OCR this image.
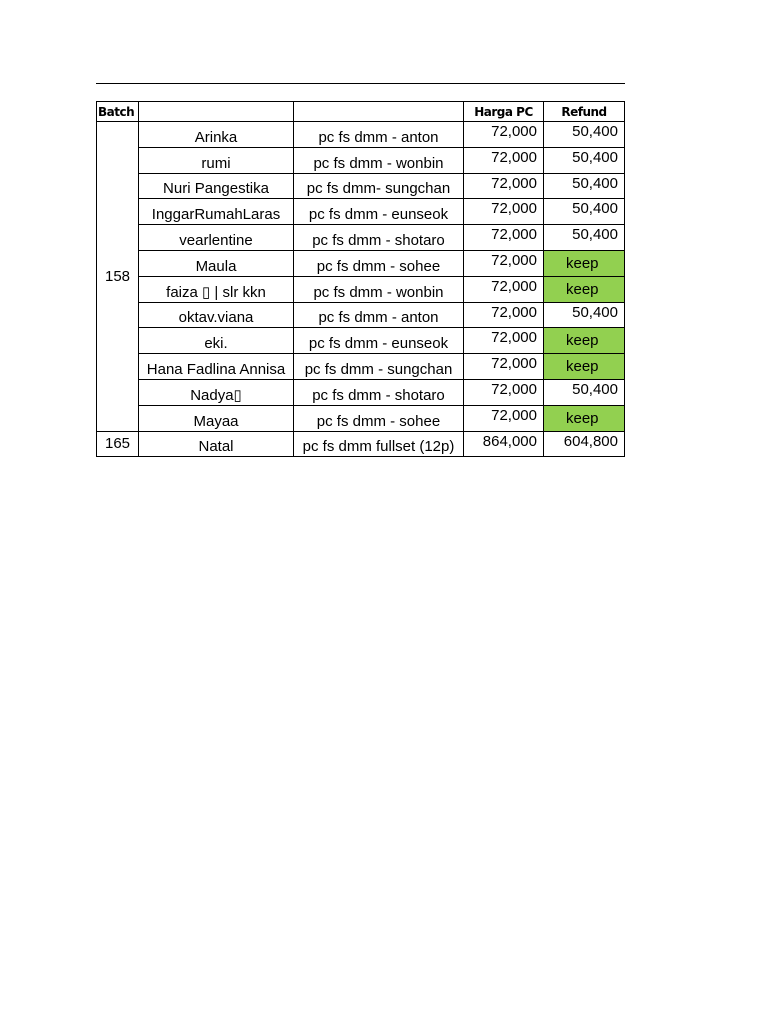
Batch			Harga PC	Refund
158	Arinka	pc fs dmm - anton	72,000	50,400
	rumi	pc fs dmm - wonbin	72,000	50,400
	Nuri Pangestika	pc fs dmm- sungchan	72,000	50,400
	InggarRumahLaras	pc fs dmm - eunseok	72,000	50,400
	vearlentine	pc fs dmm - shotaro	72,000	50,400
	Maula	pc fs dmm - sohee	72,000	keep
	faiza ▯ | slr kkn	pc fs dmm - wonbin	72,000	keep
	oktav.viana	pc fs dmm - anton	72,000	50,400
	eki.	pc fs dmm - eunseok	72,000	keep
	Hana Fadlina Annisa	pc fs dmm - sungchan	72,000	keep
	Nadya▯	pc fs dmm - shotaro	72,000	50,400
	Mayaa	pc fs dmm - sohee	72,000	keep
165	Natal	pc fs dmm fullset (12p)	864,000	604,800
